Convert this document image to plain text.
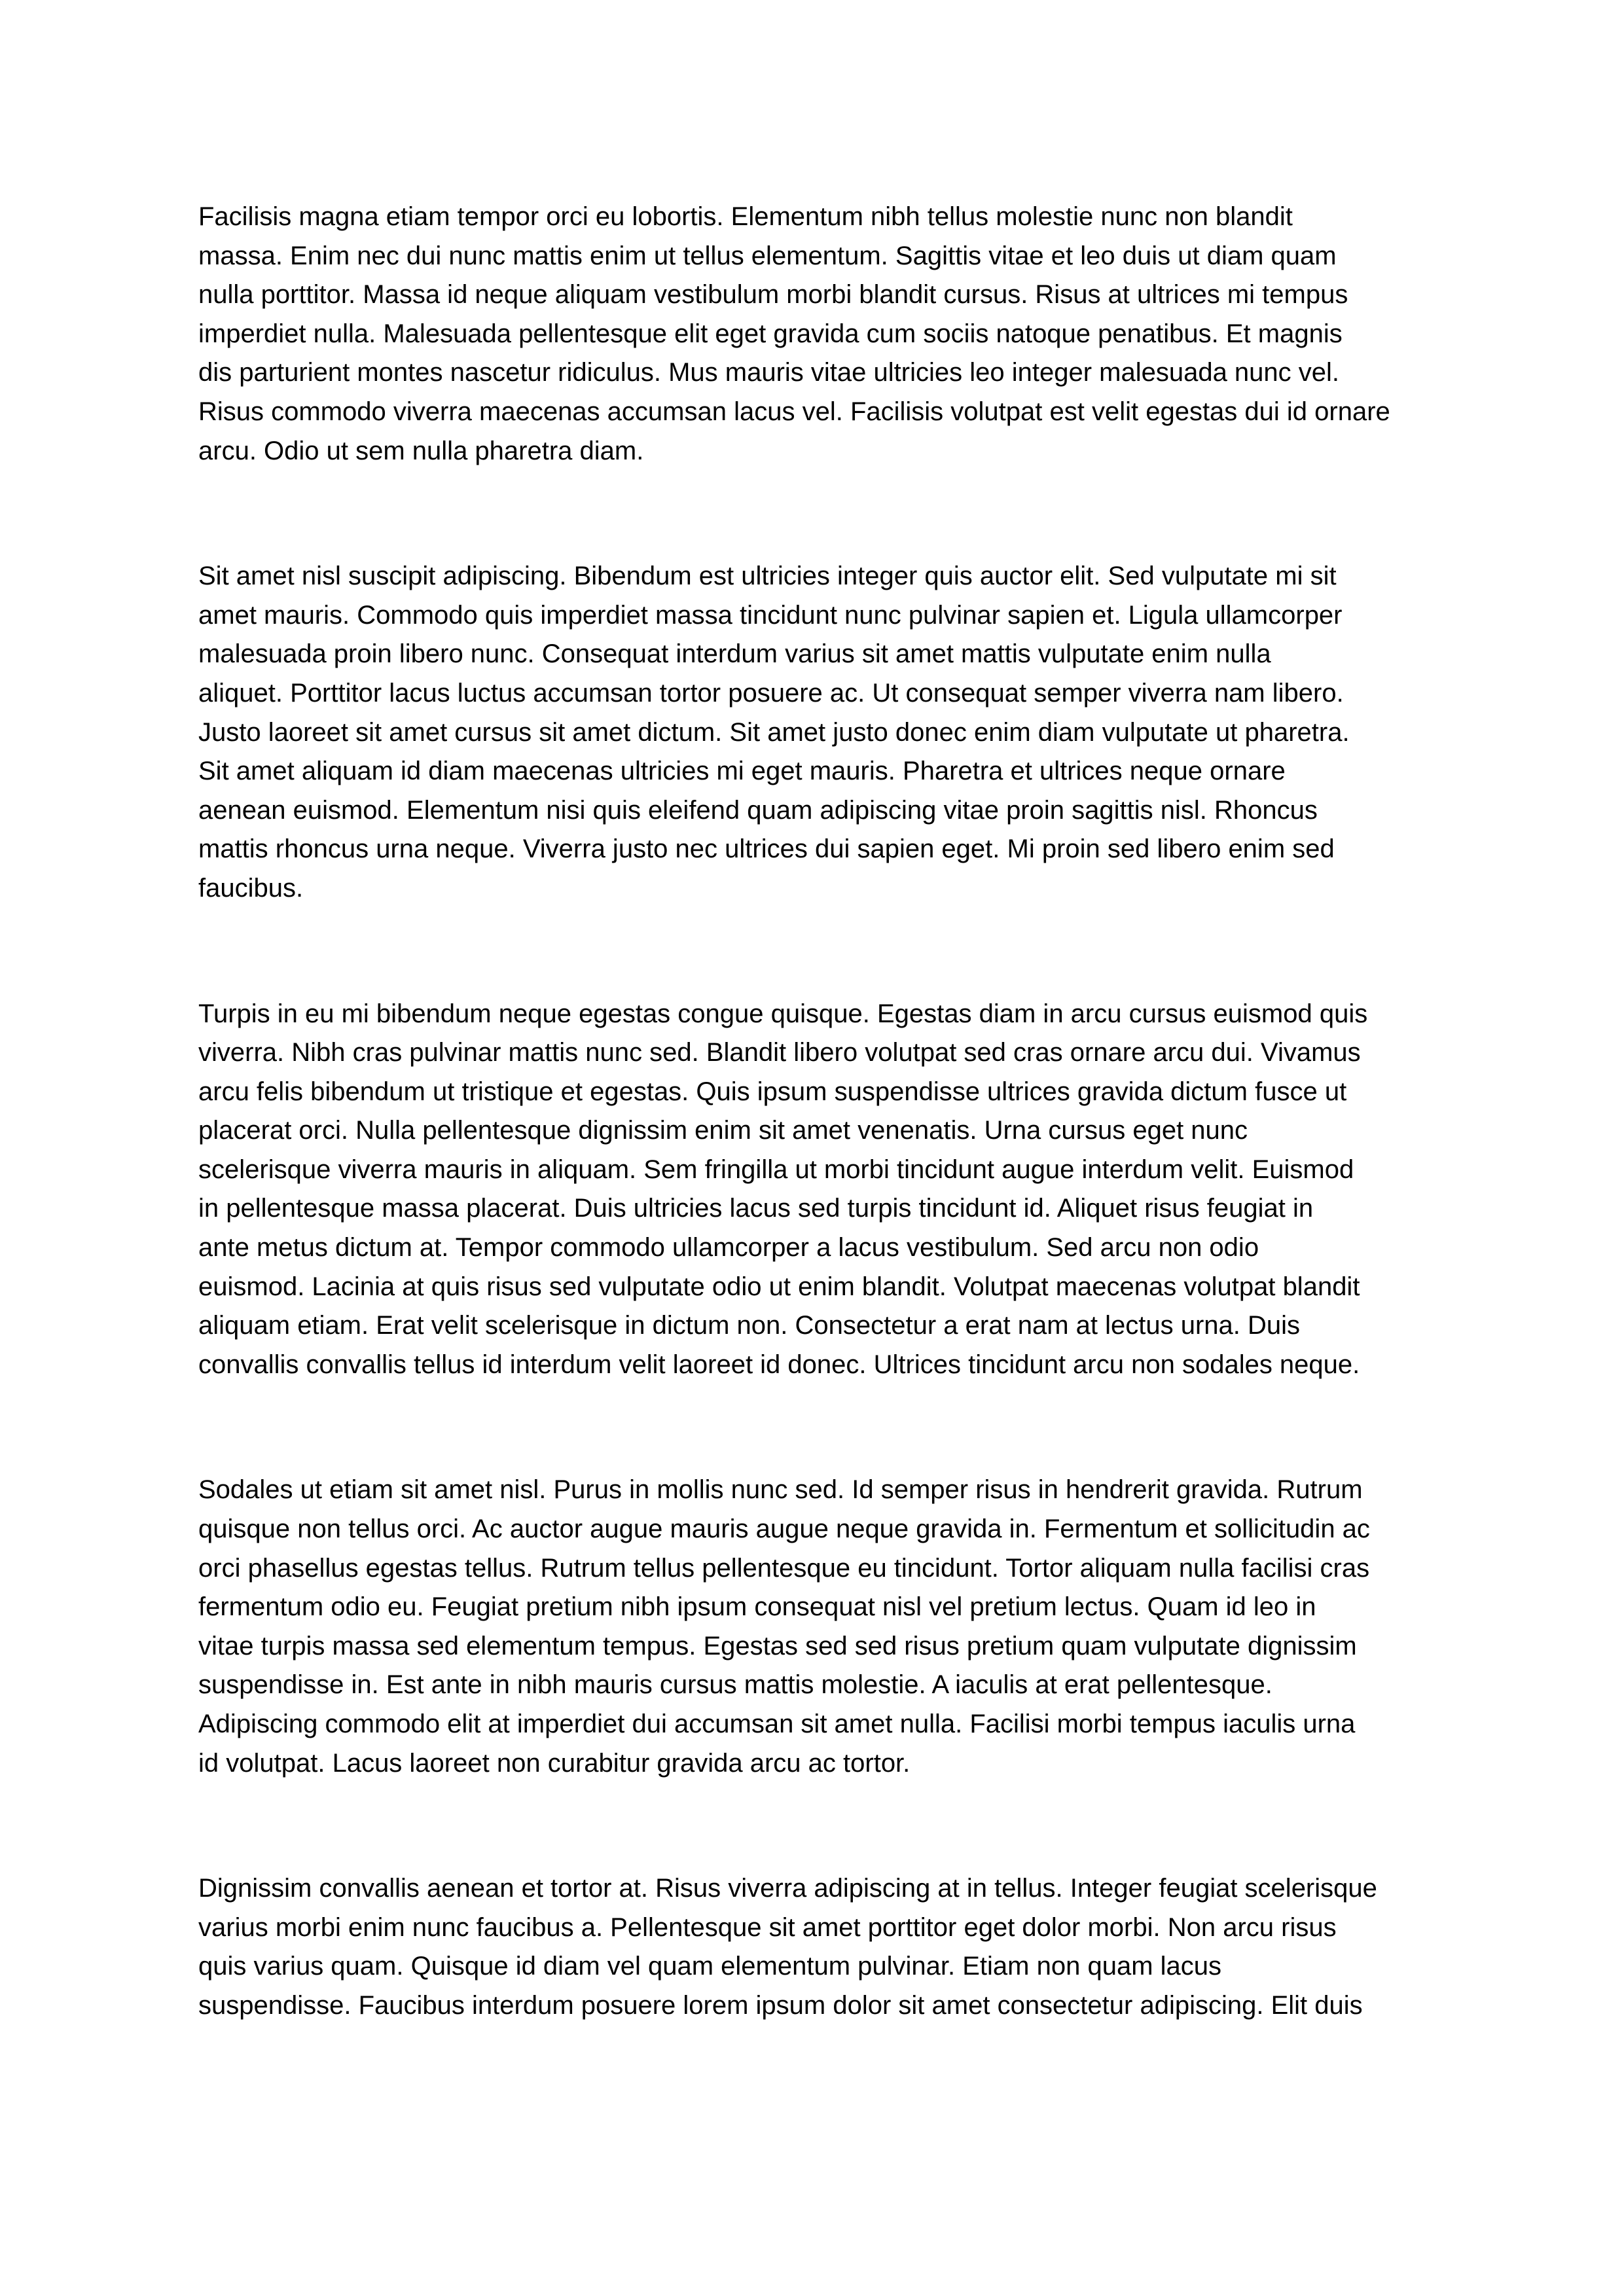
Facilisis magna etiam tempor orci eu lobortis. Elementum nibh tellus molestie nunc non blandit
massa. Enim nec dui nunc mattis enim ut tellus elementum. Sagittis vitae et leo duis ut diam quam
nulla porttitor. Massa id neque aliquam vestibulum morbi blandit cursus. Risus at ultrices mi tempus
imperdiet nulla. Malesuada pellentesque elit eget gravida cum sociis natoque penatibus. Et magnis
dis parturient montes nascetur ridiculus. Mus mauris vitae ultricies leo integer malesuada nunc vel.
Risus commodo viverra maecenas accumsan lacus vel. Facilisis volutpat est velit egestas dui id ornare
arcu. Odio ut sem nulla pharetra diam.

Sit amet nisl suscipit adipiscing. Bibendum est ultricies integer quis auctor elit. Sed vulputate mi sit
amet mauris. Commodo quis imperdiet massa tincidunt nunc pulvinar sapien et. Ligula ullamcorper
malesuada proin libero nunc. Consequat interdum varius sit amet mattis vulputate enim nulla
aliquet. Porttitor lacus luctus accumsan tortor posuere ac. Ut consequat semper viverra nam libero.
Justo laoreet sit amet cursus sit amet dictum. Sit amet justo donec enim diam vulputate ut pharetra.
Sit amet aliquam id diam maecenas ultricies mi eget mauris. Pharetra et ultrices neque ornare
aenean euismod. Elementum nisi quis eleifend quam adipiscing vitae proin sagittis nisl. Rhoncus
mattis rhoncus urna neque. Viverra justo nec ultrices dui sapien eget. Mi proin sed libero enim sed
faucibus.

Turpis in eu mi bibendum neque egestas congue quisque. Egestas diam in arcu cursus euismod quis
viverra. Nibh cras pulvinar mattis nunc sed. Blandit libero volutpat sed cras ornare arcu dui. Vivamus
arcu felis bibendum ut tristique et egestas. Quis ipsum suspendisse ultrices gravida dictum fusce ut
placerat orci. Nulla pellentesque dignissim enim sit amet venenatis. Urna cursus eget nunc
scelerisque viverra mauris in aliquam. Sem fringilla ut morbi tincidunt augue interdum velit. Euismod
in pellentesque massa placerat. Duis ultricies lacus sed turpis tincidunt id. Aliquet risus feugiat in
ante metus dictum at. Tempor commodo ullamcorper a lacus vestibulum. Sed arcu non odio
euismod. Lacinia at quis risus sed vulputate odio ut enim blandit. Volutpat maecenas volutpat blandit
aliquam etiam. Erat velit scelerisque in dictum non. Consectetur a erat nam at lectus urna. Duis
convallis convallis tellus id interdum velit laoreet id donec. Ultrices tincidunt arcu non sodales neque.

Sodales ut etiam sit amet nisl. Purus in mollis nunc sed. Id semper risus in hendrerit gravida. Rutrum
quisque non tellus orci. Ac auctor augue mauris augue neque gravida in. Fermentum et sollicitudin ac
orci phasellus egestas tellus. Rutrum tellus pellentesque eu tincidunt. Tortor aliquam nulla facilisi cras
fermentum odio eu. Feugiat pretium nibh ipsum consequat nisl vel pretium lectus. Quam id leo in
vitae turpis massa sed elementum tempus. Egestas sed sed risus pretium quam vulputate dignissim
suspendisse in. Est ante in nibh mauris cursus mattis molestie. A iaculis at erat pellentesque.
Adipiscing commodo elit at imperdiet dui accumsan sit amet nulla. Facilisi morbi tempus iaculis urna
id volutpat. Lacus laoreet non curabitur gravida arcu ac tortor.

Dignissim convallis aenean et tortor at. Risus viverra adipiscing at in tellus. Integer feugiat scelerisque
varius morbi enim nunc faucibus a. Pellentesque sit amet porttitor eget dolor morbi. Non arcu risus
quis varius quam. Quisque id diam vel quam elementum pulvinar. Etiam non quam lacus
suspendisse. Faucibus interdum posuere lorem ipsum dolor sit amet consectetur adipiscing. Elit duis
